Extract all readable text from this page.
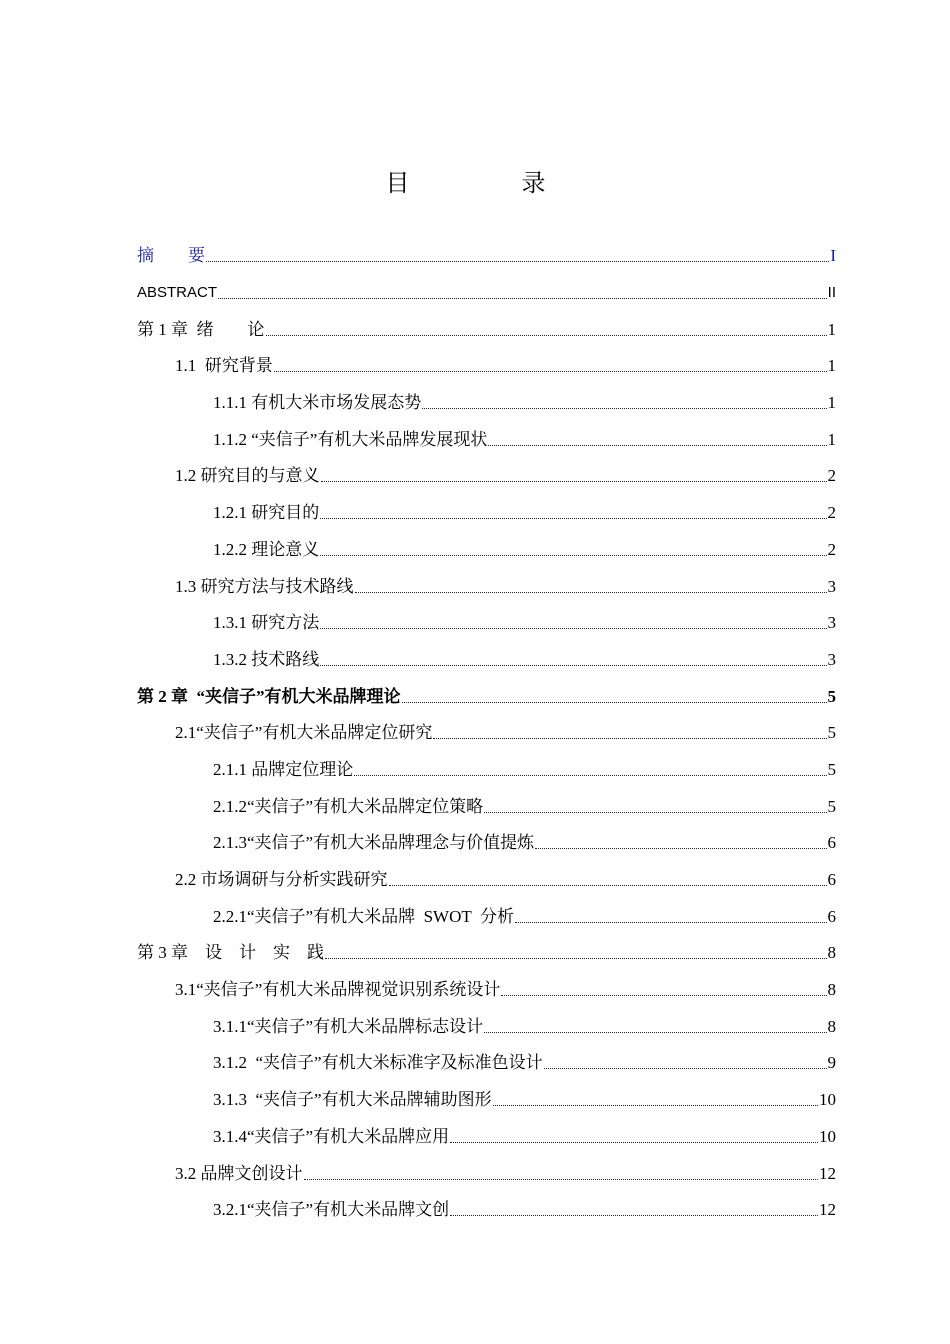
目　录
摘　　要	I
ABSTRACT	II
第 1 章  绪　　论	1
1.1  研究背景	1
1.1.1 有机大米市场发展态势	1
1.1.2 “夹信子”有机大米品牌发展现状	1
1.2 研究目的与意义	2
1.2.1 研究目的	2
1.2.2 理论意义	2
1.3 研究方法与技术路线	3
1.3.1 研究方法	3
1.3.2 技术路线	3
第 2 章  “夹信子”有机大米品牌理论	5
2.1“夹信子”有机大米品牌定位研究	5
2.1.1 品牌定位理论	5
2.1.2“夹信子”有机大米品牌定位策略	5
2.1.3“夹信子”有机大米品牌理念与价值提炼	6
2.2 市场调研与分析实践研究	6
2.2.1“夹信子”有机大米品牌  SWOT  分析	6
第 3 章    设    计    实    践	8
3.1“夹信子”有机大米品牌视觉识别系统设计	8
3.1.1“夹信子”有机大米品牌标志设计	8
3.1.2  “夹信子”有机大米标准字及标准色设计	9
3.1.3  “夹信子”有机大米品牌辅助图形	10
3.1.4“夹信子”有机大米品牌应用	10
3.2 品牌文创设计	12
3.2.1“夹信子”有机大米品牌文创	12
